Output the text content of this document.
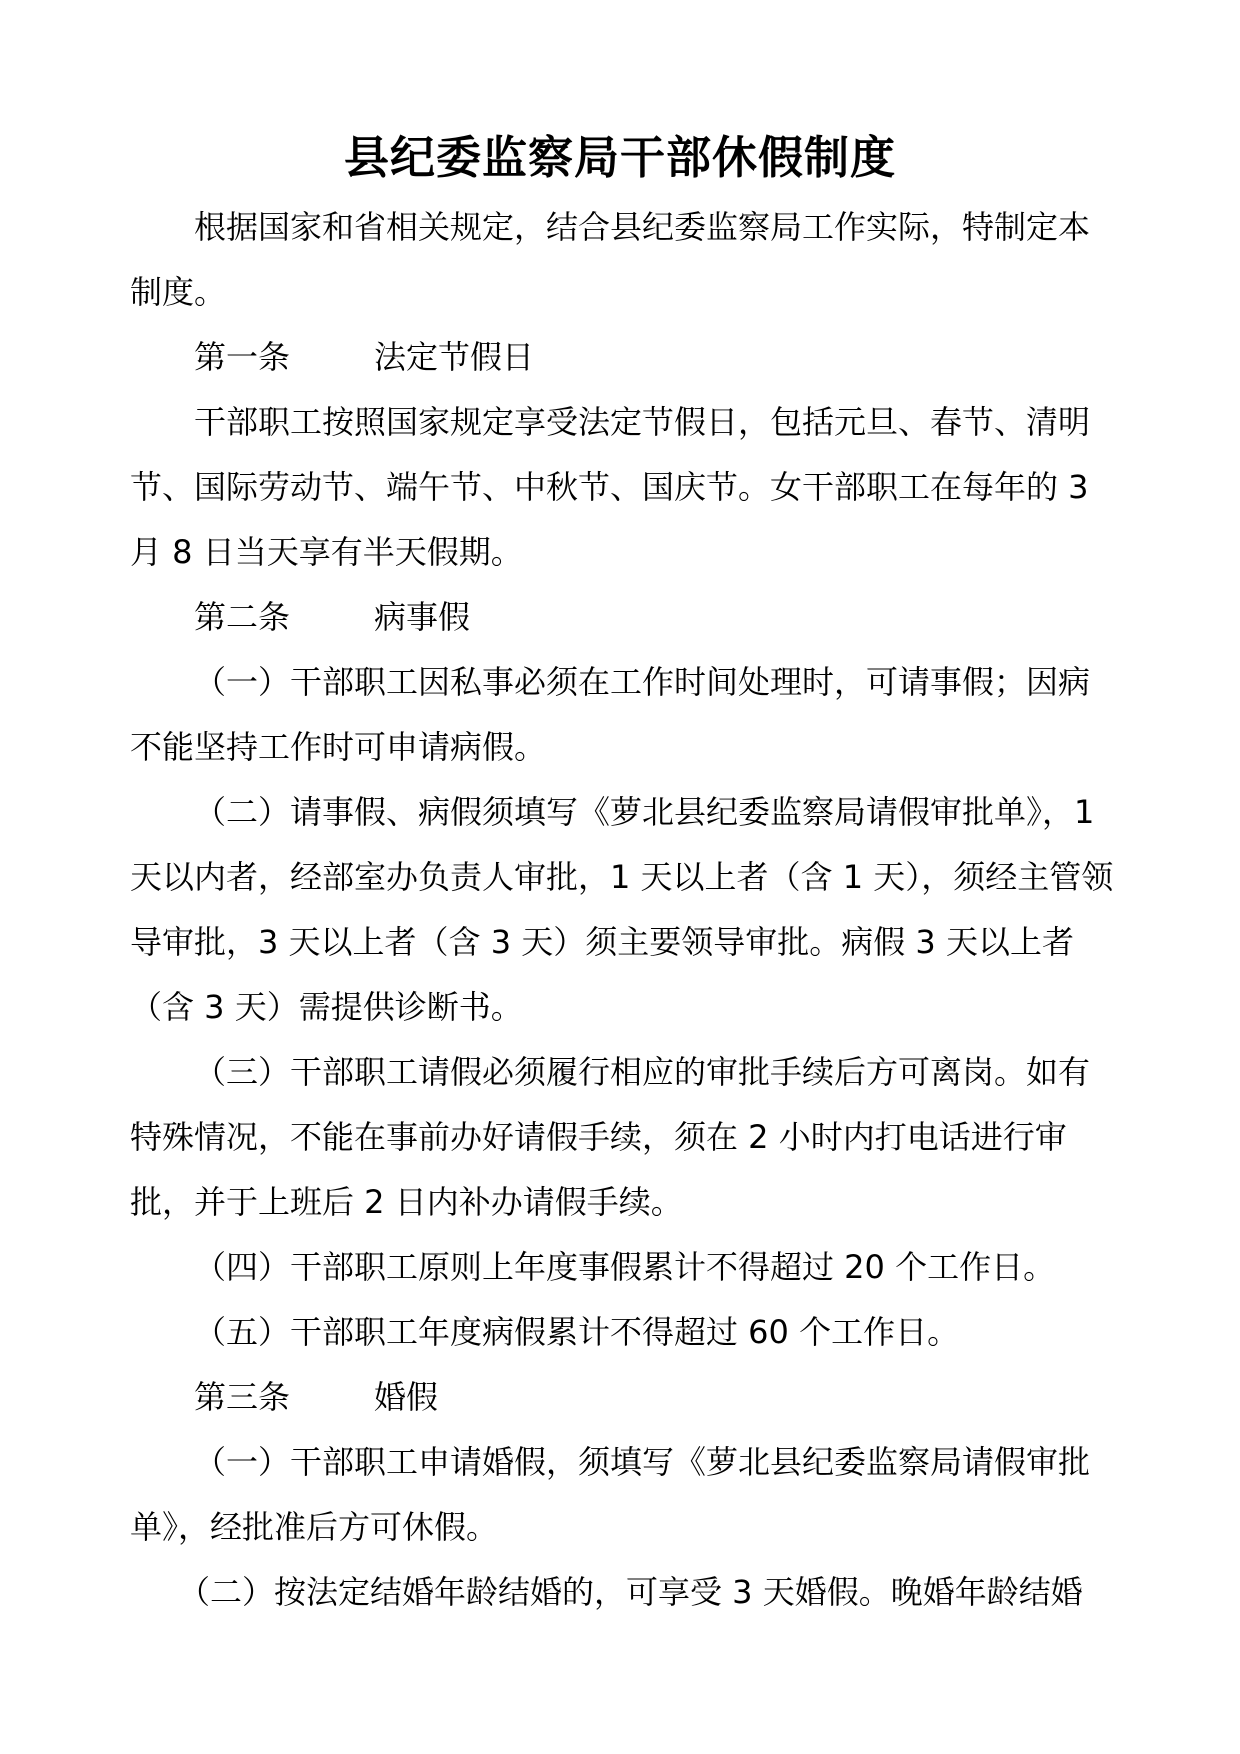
县纪委监察局干部休假制度

根据国家和省相关规定，结合县纪委监察局工作实际，特制定本制度。

第一条	法定节假日

干部职工按照国家规定享受法定节假日，包括元旦、春节、清明节、国际劳动节、端午节、中秋节、国庆节。女干部职工在每年的 3 月 8 日当天享有半天假期。

第二条	病事假

（一）干部职工因私事必须在工作时间处理时，可请事假；因病不能坚持工作时可申请病假。

（二）请事假、病假须填写《萝北县纪委监察局请假审批单》，1 天以内者，经部室办负责人审批，1 天以上者（含 1 天），须经主管领导审批，3 天以上者（含 3 天）须主要领导审批。病假 3 天以上者（含 3 天）需提供诊断书。

（三）干部职工请假必须履行相应的审批手续后方可离岗。如有特殊情况，不能在事前办好请假手续，须在 2 小时内打电话进行审批，并于上班后 2 日内补办请假手续。

（四）干部职工原则上年度事假累计不得超过 20 个工作日。

（五）干部职工年度病假累计不得超过 60 个工作日。

第三条	婚假

（一）干部职工申请婚假，须填写《萝北县纪委监察局请假审批单》，经批准后方可休假。

（二）按法定结婚年龄结婚的，可享受 3 天婚假。晚婚年龄结婚
